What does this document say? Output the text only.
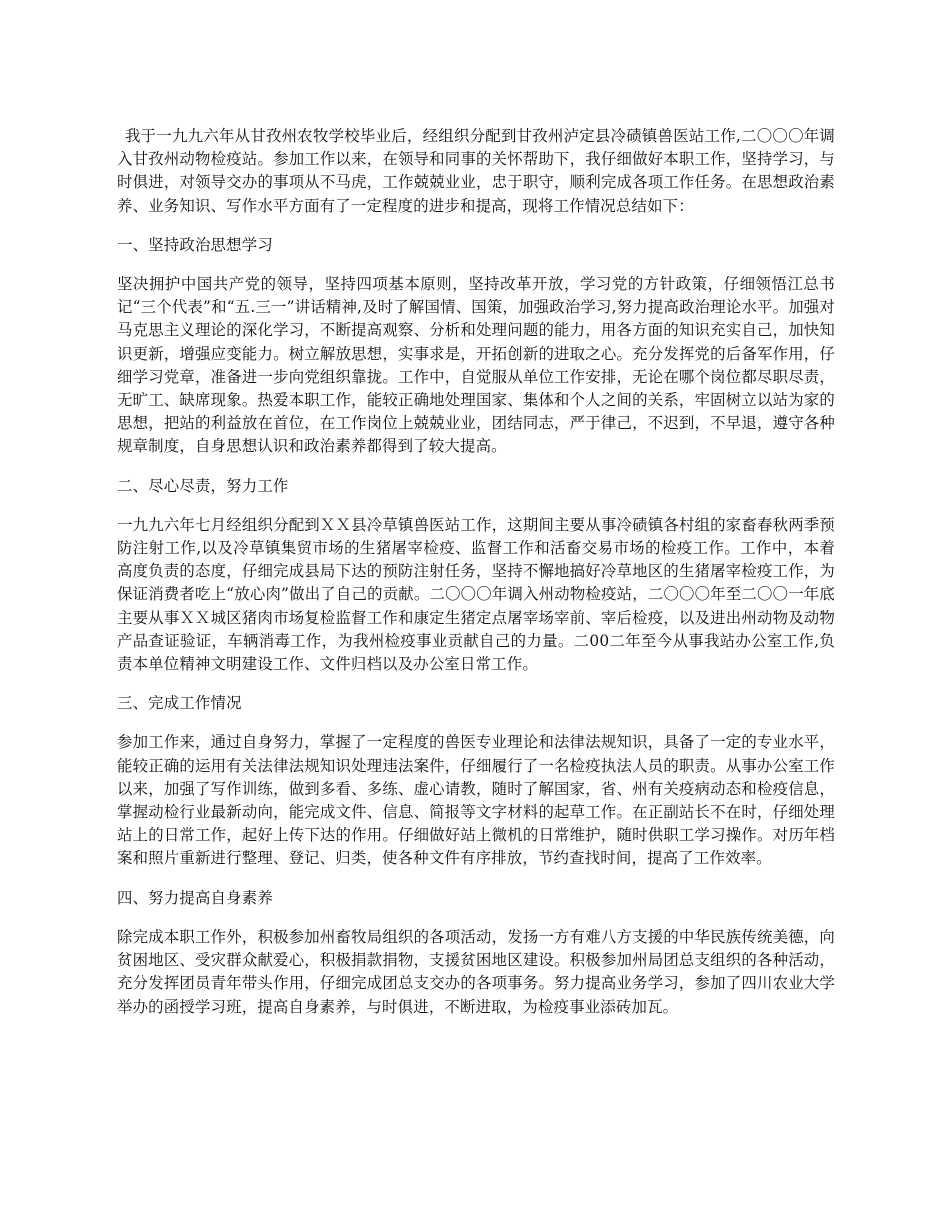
我于一九九六年从甘孜州农牧学校毕业后，经组织分配到甘孜州泸定县冷碛镇兽医站工作,二〇〇〇年调入甘孜州动物检疫站。参加工作以来，在领导和同事的关怀帮助下，我仔细做好本职工作，坚持学习，与时俱进，对领导交办的事项从不马虎，工作兢兢业业，忠于职守，顺利完成各项工作任务。在思想政治素养、业务知识、写作水平方面有了一定程度的进步和提高，现将工作情况总结如下：

一、坚持政治思想学习

坚决拥护中国共产党的领导，坚持四项基本原则，坚持改革开放，学习党的方针政策，仔细领悟江总书记“三个代表”和“五.三一”讲话精神,及时了解国情、国策，加强政治学习,努力提高政治理论水平。加强对马克思主义理论的深化学习，不断提高观察、分析和处理问题的能力，用各方面的知识充实自己，加快知识更新，增强应变能力。树立解放思想，实事求是，开拓创新的进取之心。充分发挥党的后备军作用，仔细学习党章，准备进一步向党组织靠拢。工作中，自觉服从单位工作安排，无论在哪个岗位都尽职尽责，无旷工、缺席现象。热爱本职工作，能较正确地处理国家、集体和个人之间的关系，牢固树立以站为家的思想，把站的利益放在首位，在工作岗位上兢兢业业，团结同志，严于律己，不迟到，不早退，遵守各种规章制度，自身思想认识和政治素养都得到了较大提高。

二、尽心尽责，努力工作

一九九六年七月经组织分配到ＸＸ县冷草镇兽医站工作，这期间主要从事冷碛镇各村组的家畜春秋两季预防注射工作,以及冷草镇集贸市场的生猪屠宰检疫、监督工作和活畜交易市场的检疫工作。工作中，本着高度负责的态度，仔细完成县局下达的预防注射任务，坚持不懈地搞好冷草地区的生猪屠宰检疫工作，为保证消费者吃上“放心肉”做出了自己的贡献。二〇〇〇年调入州动物检疫站，二〇〇〇年至二〇〇一年底主要从事ＸＸ城区猪肉市场复检监督工作和康定生猪定点屠宰场宰前、宰后检疫，以及进出州动物及动物产品查证验证，车辆消毒工作，为我州检疫事业贡献自己的力量。二00二年至今从事我站办公室工作,负责本单位精神文明建设工作、文件归档以及办公室日常工作。

三、完成工作情况

参加工作来，通过自身努力，掌握了一定程度的兽医专业理论和法律法规知识，具备了一定的专业水平，能较正确的运用有关法律法规知识处理违法案件，仔细履行了一名检疫执法人员的职责。从事办公室工作以来，加强了写作训练，做到多看、多练、虚心请教，随时了解国家，省、州有关疫病动态和检疫信息，掌握动检行业最新动向，能完成文件、信息、简报等文字材料的起草工作。在正副站长不在时，仔细处理站上的日常工作，起好上传下达的作用。仔细做好站上微机的日常维护，随时供职工学习操作。对历年档案和照片重新进行整理、登记、归类，使各种文件有序排放，节约查找时间，提高了工作效率。

四、努力提高自身素养

除完成本职工作外，积极参加州畜牧局组织的各项活动，发扬一方有难八方支援的中华民族传统美德，向贫困地区、受灾群众献爱心，积极捐款捐物，支援贫困地区建设。积极参加州局团总支组织的各种活动，充分发挥团员青年带头作用，仔细完成团总支交办的各项事务。努力提高业务学习，参加了四川农业大学举办的函授学习班，提高自身素养，与时俱进，不断进取，为检疫事业添砖加瓦。
